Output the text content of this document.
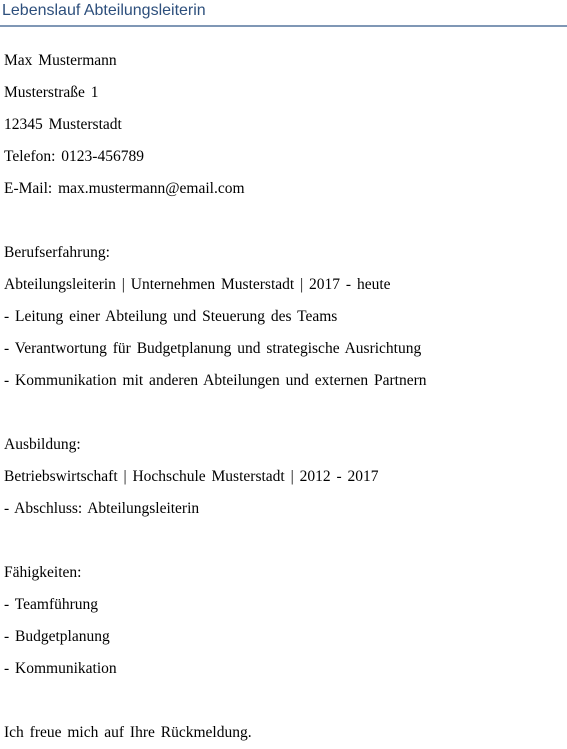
Lebenslauf Abteilungsleiterin
Max Mustermann
Musterstraße 1
12345 Musterstadt
Telefon: 0123-456789
E-Mail: max.mustermann@email.com
Berufserfahrung:
Abteilungsleiterin | Unternehmen Musterstadt | 2017 - heute
- Leitung einer Abteilung und Steuerung des Teams
- Verantwortung für Budgetplanung und strategische Ausrichtung
- Kommunikation mit anderen Abteilungen und externen Partnern
Ausbildung:
Betriebswirtschaft | Hochschule Musterstadt | 2012 - 2017
- Abschluss: Abteilungsleiterin
Fähigkeiten:
- Teamführung
- Budgetplanung
- Kommunikation
Ich freue mich auf Ihre Rückmeldung.
